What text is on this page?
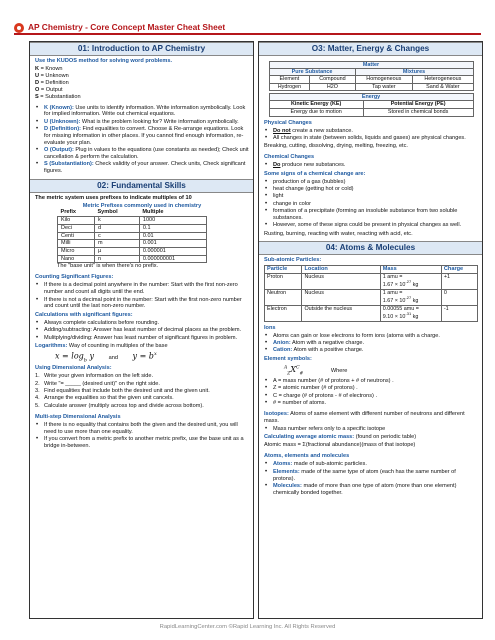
AP Chemistry - Core Concept Master Cheat Sheet
01: Introduction to AP Chemistry

Use the KUDOS method for solving word problems.

K = Known
U = Unknown
D = Definition
O = Output
S = Substantiation
• K (Known): Use units to identify information. Write information symbolically. Look for implied information. Write out chemical equations.
• U (Unknown): What is the problem looking for? Write information symbolically.
• D (Definition): Find equalities to convert. Choose & Re-arrange equations. Look for missing information in other places. If you cannot find enough information, re-evaluate your plan.
• O (Output): Plug in values to the equations (use constants as needed); Check unit cancellation & perform the calculation.
• S (Substantiation): Check validity of your answer. Check units, Check significant figures.
02: Fundamental Skills

The metric system uses prefixes to indicate multiples of 10

Metric Prefixes commonly used in chemistry

Prefix	Symbol	Multiple
Kilo	k	1000
Deci	d	0.1
Centi	c	0.01
Milli	m	0.001
Micro	µ	0.000001
Nano	n	0.000000001

The "base unit" is when there's no prefix.

Counting Significant Figures:

• If there is a decimal point anywhere in the number: Start with the first non-zero number and count all digits until the end.
• If there is not a decimal point in the number: Start with the first non-zero number and count until the last non-zero number.

Calculations with significant figures:

• Always complete calculations before rounding.
• Adding/subtracting: Answer has least number of decimal places as the problem.
• Mulitplying/dividing: Answer has least number of significant figures in problem.

Logarithms: Way of counting in multiples of the base

$x = \log_b y$	and $y = b^x$

Using Dimensional Analysis:

1. Write your given information on the left side.
2. Write "= _____ (desired unit)" on the right side.
3. Find equalities that include both the desired unit and the given unit.
4. Arrange the equalities so that the given unit cancels.
5. Calculate answer (multiply across top and divide across bottom).

Multi-step Dimensional Analysis

• If there is no equality that contains both the given and the desired unit, you will need to use more than one equality.
• If you convert from a metric prefix to another metric prefix, use the base unit as a bridge in-between.
O3: Matter, Energy & Changes
Matter			
Pure Substance		Mixtures	
Element	Compound	Homogeneous	Heterogeneous
Hydrogen	H2O	Tap water	Sand & Water
Energy	
Kinetic Energy (KE)	Potential Energy (PE)
Energy due to motion	Stored in chemical bonds

Physical Changes

• Do not create a new substance.
• All changes in state (between solids, liquids and gases) are physical changes.

Breaking, cutting, dissolving, drying, melting, freezing, etc.

Chemical Changes

• Do produce new substances.

Some signs of a chemical change are:

• production of a gas (bubbles)
• heat change (getting hot or cold)
• light
• change in color
• formation of a precipitate (forming an insoluble substance from two soluble substances.
• However, some of these signs could be present in physical changes as well.

Rusting, burning, reacting with water, reacting with acid, etc.

04: Atoms & Molecules

Sub-atomic Particles:

Particle	Location	Mass	Charge
Proton	Nucleus	1 amu =
$1.67 \times 10^{-27}$ kg	+1
Neutron	Nucleus	1 amu =
$1.67 \times 10^{-27}$ kg	0
Electron	Outside the nucleus	0.00055 amu =
$9.10 \times 10^{-31}$ kg	-1

Ions

• Atoms can gain or lose electrons to form ions (atoms with a charge.
• Anion: Atom with a negative charge.
• Cation: Atom with a positive charge.

Element symbols:

$^A_ZX^C_{\#}$ Where
• A = mass number (# of protons + # of neutrons) .
• Z = atomic number (# of protons) .
• C = charge (# of protons - # of electrons) .
• # = number of atoms.

Isotopes: Atoms of same element with different number of neutrons and different mass.

• Mass number refers only to a specific isotope

Calculating average atomic mass: (found on periodic table)

Atomic mass = Σ(fractional abundance)(mass of that isotope)

Atoms, elements and molecules

• Atoms: made of sub-atomic particles.
• Elements: made of the same type of atom (each has the same number of protons).
• Molecules: made of more than one type of atom (more than one element) chemically bonded together.
RapidLearningCenter.com ©Rapid Learning Inc. All Rights Reserved
